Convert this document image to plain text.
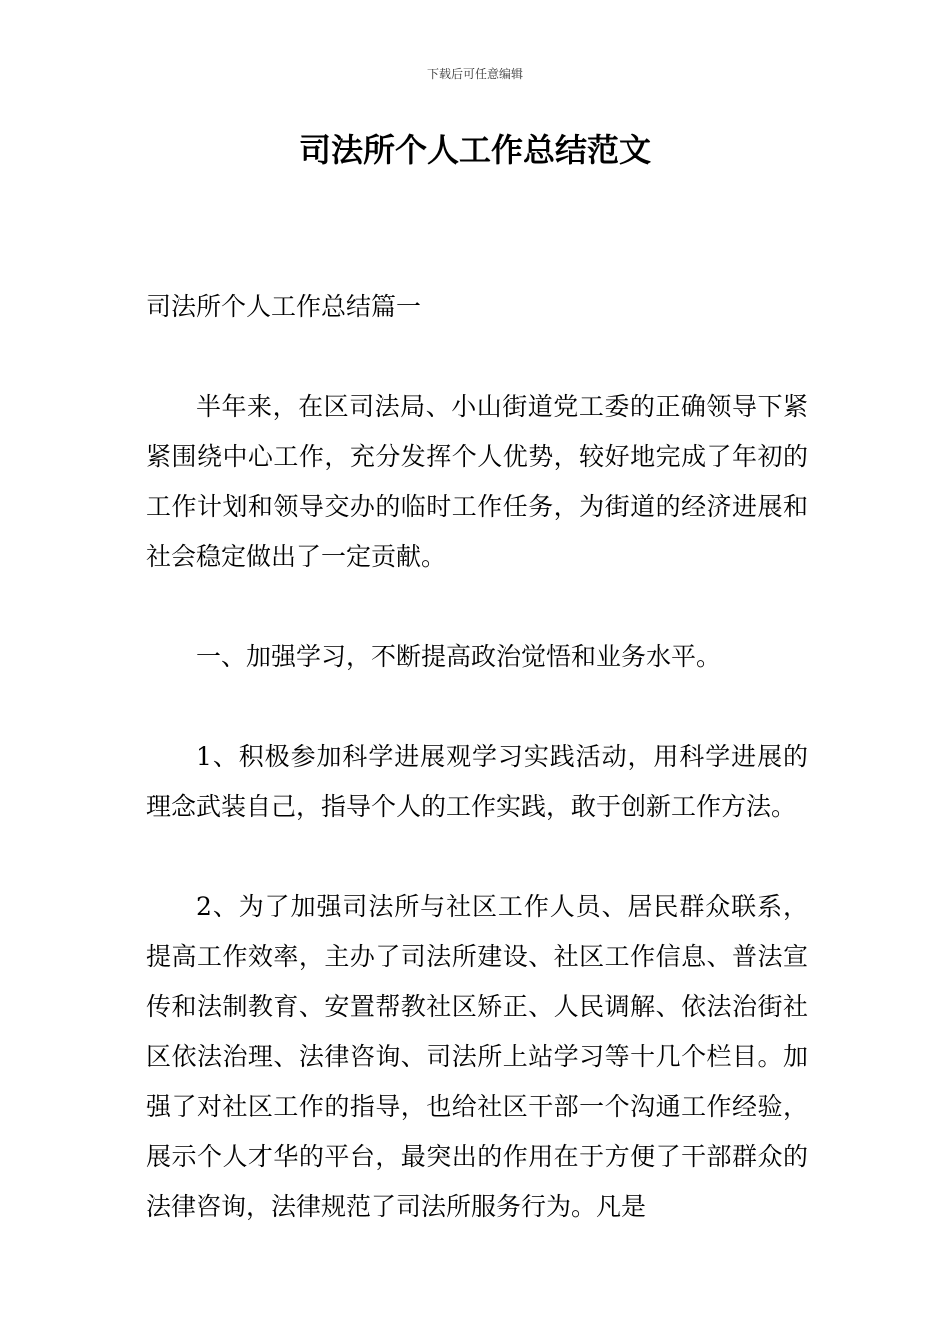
下载后可任意编辑
司法所个人工作总结范文

司法所个人工作总结篇一

半年来，在区司法局、小山街道党工委的正确领导下紧紧围绕中心工作，充分发挥个人优势，较好地完成了年初的工作计划和领导交办的临时工作任务，为街道的经济进展和社会稳定做出了一定贡献。

一、加强学习，不断提高政治觉悟和业务水平。

1、积极参加科学进展观学习实践活动，用科学进展的理念武装自己，指导个人的工作实践，敢于创新工作方法。

2、为了加强司法所与社区工作人员、居民群众联系，提高工作效率，主办了司法所建设、社区工作信息、普法宣传和法制教育、安置帮教社区矫正、人民调解、依法治街社区依法治理、法律咨询、司法所上站学习等十几个栏目。加强了对社区工作的指导，也给社区干部一个沟通工作经验，展示个人才华的平台，最突出的作用在于方便了干部群众的法律咨询，法律规范了司法所服务行为。凡是
